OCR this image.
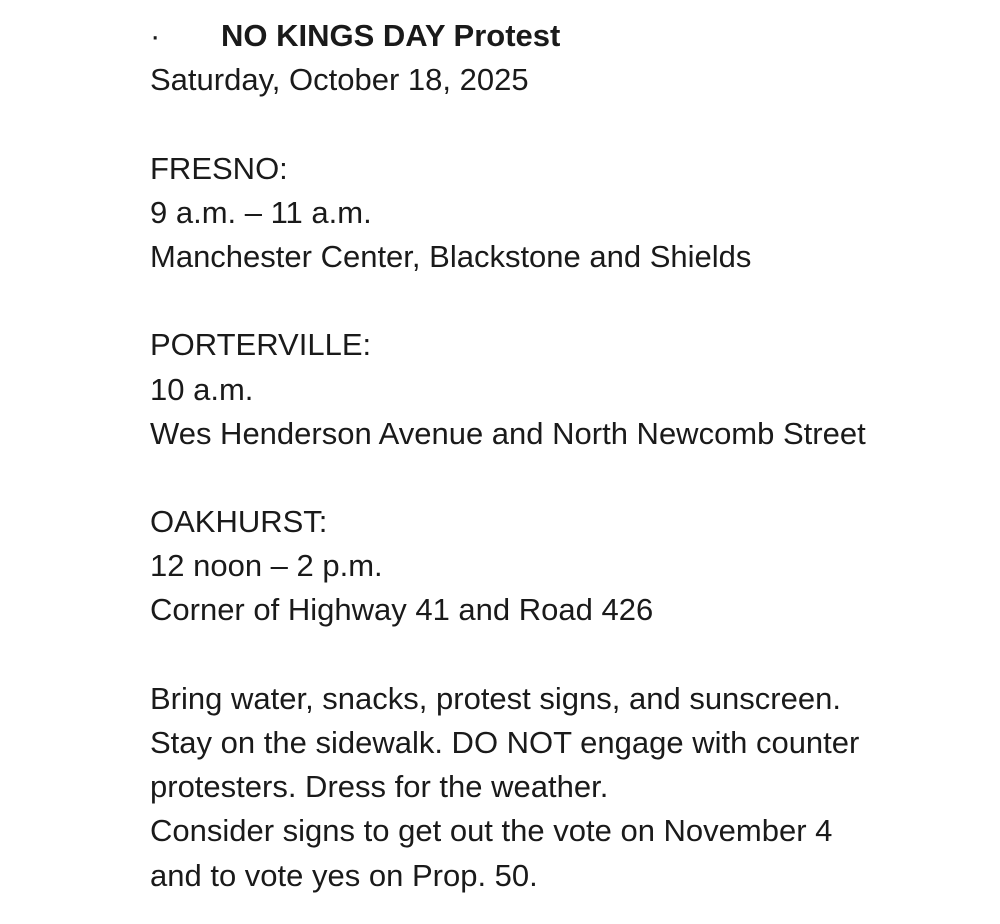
·	NO KINGS DAY Protest
Saturday, October 18, 2025
FRESNO:
9 a.m. – 11 a.m.
Manchester Center, Blackstone and Shields
PORTERVILLE:
10 a.m.
Wes Henderson Avenue and North Newcomb Street
OAKHURST:
12 noon – 2 p.m.
Corner of Highway 41 and Road 426
Bring water, snacks, protest signs, and sunscreen.
Stay on the sidewalk. DO NOT engage with counter
protesters. Dress for the weather.
Consider signs to get out the vote on November 4
and to vote yes on Prop. 50.
